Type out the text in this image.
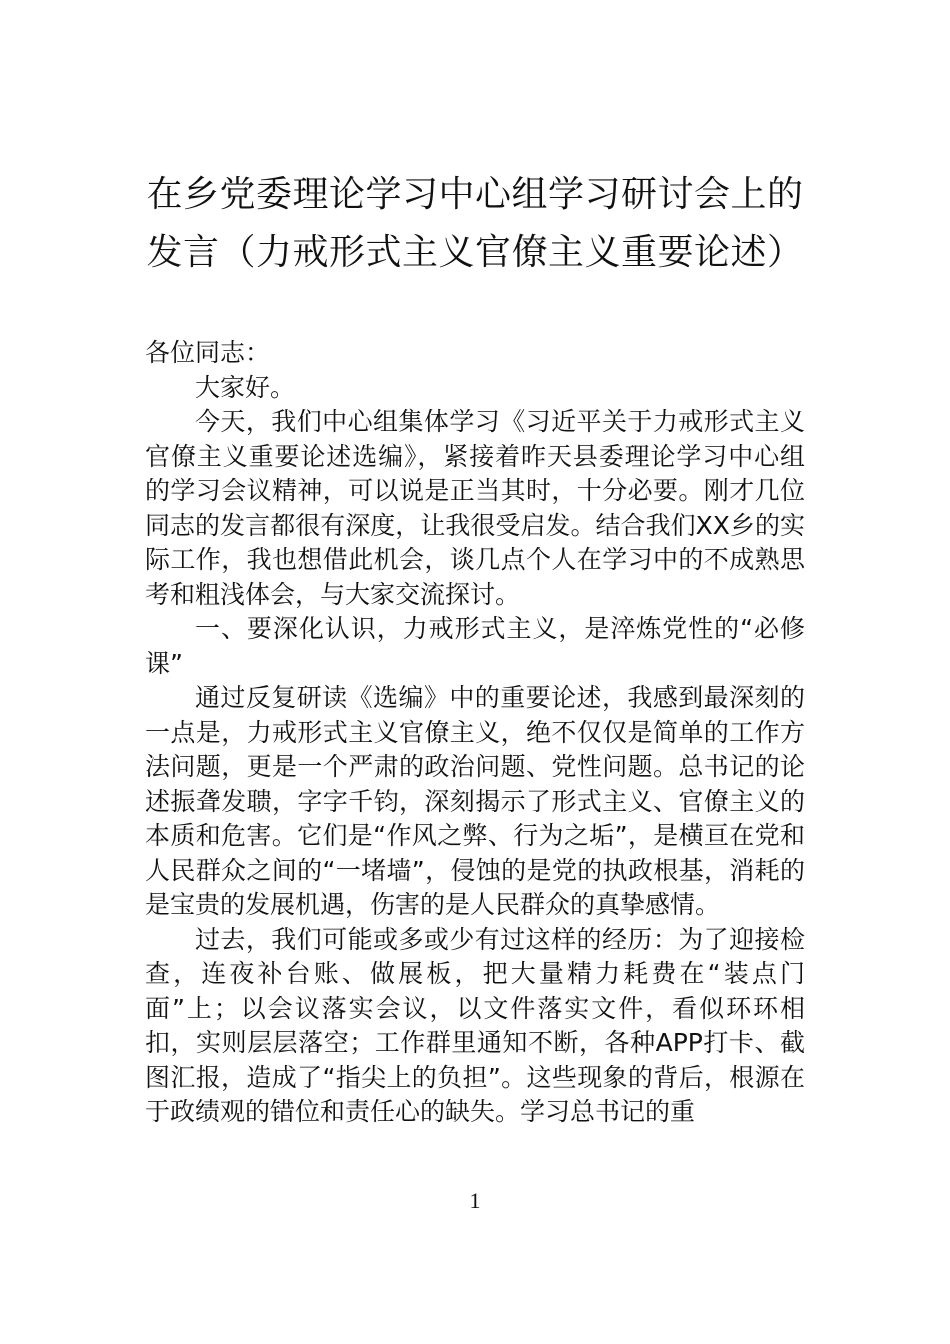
在乡党委理论学习中心组学习研讨会上的
发言（力戒形式主义官僚主义重要论述）

各位同志：

大家好。

今天，我们中心组集体学习《习近平关于力戒形式主义官僚主义重要论述选编》，紧接着昨天县委理论学习中心组的学习会议精神，可以说是正当其时，十分必要。刚才几位同志的发言都很有深度，让我很受启发。结合我们XX乡的实际工作，我也想借此机会，谈几点个人在学习中的不成熟思考和粗浅体会，与大家交流探讨。

一、要深化认识，力戒形式主义，是淬炼党性的“必修课”

通过反复研读《选编》中的重要论述，我感到最深刻的一点是，力戒形式主义官僚主义，绝不仅仅是简单的工作方法问题，更是一个严肃的政治问题、党性问题。总书记的论述振聋发聩，字字千钧，深刻揭示了形式主义、官僚主义的本质和危害。它们是“作风之弊、行为之垢”，是横亘在党和人民群众之间的“一堵墙”，侵蚀的是党的执政根基，消耗的是宝贵的发展机遇，伤害的是人民群众的真挚感情。

过去，我们可能或多或少有过这样的经历：为了迎接检查，连夜补台账、做展板，把大量精力耗费在“装点门面”上；以会议落实会议，以文件落实文件，看似环环相扣，实则层层落空；工作群里通知不断，各种APP打卡、截图汇报，造成了“指尖上的负担”。这些现象的背后，根源在于政绩观的错位和责任心的缺失。学习总书记的重

1
